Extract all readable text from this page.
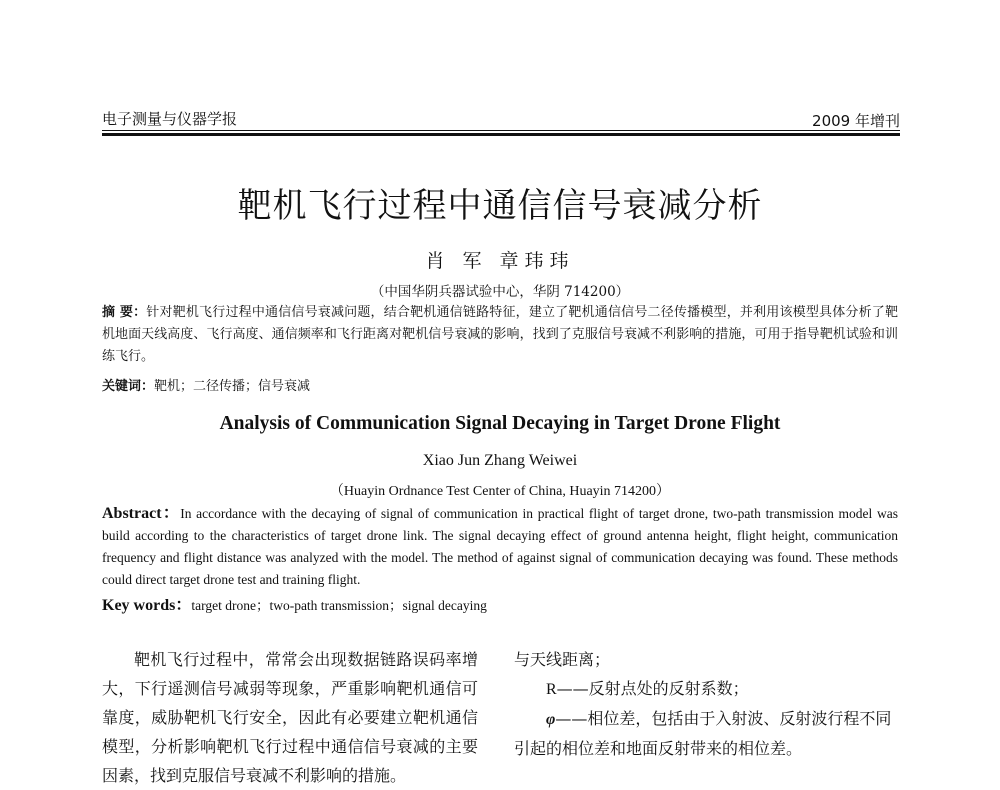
电子测量与仪器学报	2009 年增刊
靶机飞行过程中通信信号衰减分析
肖 军 章玮玮
（中国华阴兵器试验中心，华阴 714200）
摘 要：针对靶机飞行过程中通信信号衰减问题，结合靶机通信链路特征，建立了靶机通信信号二径传播模型，并利用该模型具体分析了靶机地面天线高度、飞行高度、通信频率和飞行距离对靶机信号衰减的影响，找到了克服信号衰减不利影响的措施，可用于指导靶机试验和训练飞行。
关键词：靶机；二径传播；信号衰减
Analysis of Communication Signal Decaying in Target Drone Flight
Xiao Jun Zhang Weiwei
（Huayin Ordnance Test Center of China, Huayin 714200）
Abstract：In accordance with the decaying of signal of communication in practical flight of target drone, two-path transmission model was build according to the characteristics of target drone link. The signal decaying effect of ground antenna height, flight height, communication frequency and flight distance was analyzed with the model. The method of against signal of communication decaying was found. These methods could direct target drone test and training flight.
Key words：target drone；two-path transmission；signal decaying

靶机飞行过程中，常常会出现数据链路误码率增大，下行遥测信号减弱等现象，严重影响靶机通信可靠度，威胁靶机飞行安全，因此有必要建立靶机通信模型，分析影响靶机飞行过程中通信信号衰减的主要因素，找到克服信号衰减不利影响的措施。

与天线距离；

R——反射点处的反射系数；

φ——相位差，包括由于入射波、反射波行程不同引起的相位差和地面反射带来的相位差。
